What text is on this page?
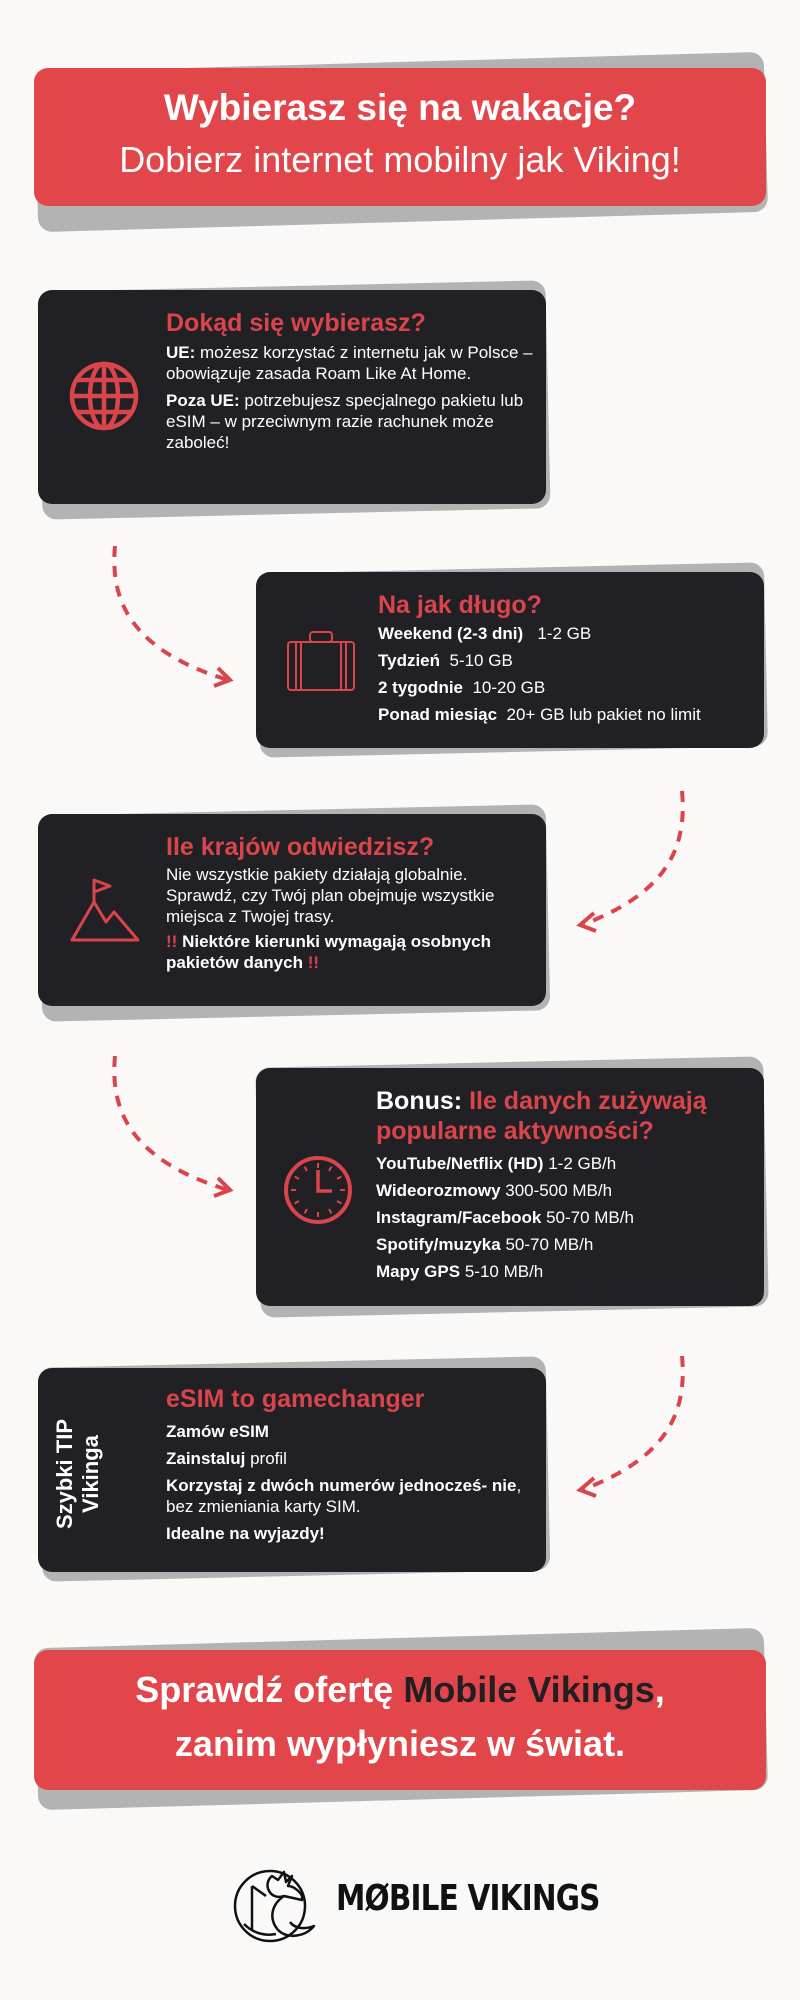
Wybierasz się na wakacje?
Dobierz internet mobilny jak Viking!
Dokąd się wybierasz?

UE: możesz korzystać z internetu jak w Polsce – obowiązuje zasada Roam Like At Home.

Poza UE: potrzebujesz specjalnego pakietu lub eSIM – w przeciwnym razie rachunek może zaboleć!

Na jak długo?
Weekend (2-3 dni) 1-2 GB
Tydzień 5-10 GB
2 tygodnie 10-20 GB
Ponad miesiąc 20+ GB lub pakiet no limit
Ile krajów odwiedzisz?

Nie wszystkie pakiety działają globalnie. Sprawdź, czy Twój plan obejmuje wszystkie miejsca z Twojej trasy.

!! Niektóre kierunki wymagają osobnych pakietów danych !!

Bonus: Ile danych zużywają popularne aktywności?
YouTube/Netflix (HD) 1-2 GB/h
Wideorozmowy 300-500 MB/h
Instagram/Facebook 50-70 MB/h
Spotify/muzyka 50-70 MB/h
Mapy GPS 5-10 MB/h
Szybki TIP Vikinga
eSIM to gamechanger
Zamów eSIM
Zainstaluj profil
Korzystaj z dwóch numerów jednocześ- nie, bez zmieniania karty SIM.
Idealne na wyjazdy!
Sprawdź ofertę Mobile Vikings,
zanim wypłyniesz w świat.
MØBILE VIKINGS
